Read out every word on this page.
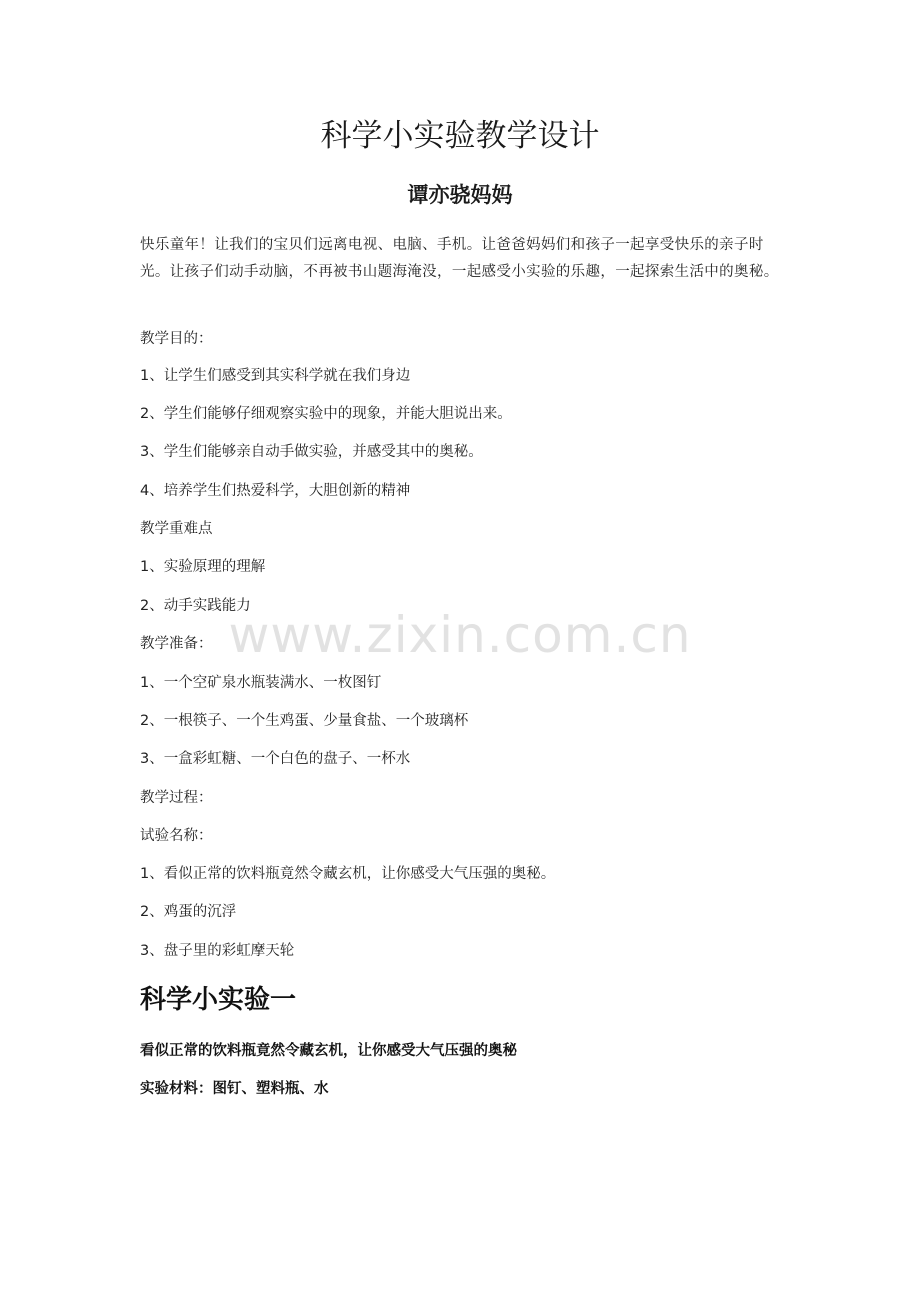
科学小实验教学设计
谭亦骁妈妈
快乐童年！让我们的宝贝们远离电视、电脑、手机。让爸爸妈妈们和孩子一起享受快乐的亲子时光。让孩子们动手动脑，不再被书山题海淹没，一起感受小实验的乐趣，一起探索生活中的奥秘。
教学目的：
1、让学生们感受到其实科学就在我们身边
2、学生们能够仔细观察实验中的现象，并能大胆说出来。
3、学生们能够亲自动手做实验，并感受其中的奥秘。
4、培养学生们热爱科学，大胆创新的精神
教学重难点
1、实验原理的理解
2、动手实践能力
教学准备：
1、一个空矿泉水瓶装满水、一枚图钉
2、一根筷子、一个生鸡蛋、少量食盐、一个玻璃杯
3、一盒彩虹糖、一个白色的盘子、一杯水
教学过程：
试验名称：
1、看似正常的饮料瓶竟然令藏玄机，让你感受大气压强的奥秘。
2、鸡蛋的沉浮
3、盘子里的彩虹摩天轮
科学小实验一
看似正常的饮料瓶竟然令藏玄机，让你感受大气压强的奥秘
实验材料：图钉、塑料瓶、水
www.zixin.com.cn
